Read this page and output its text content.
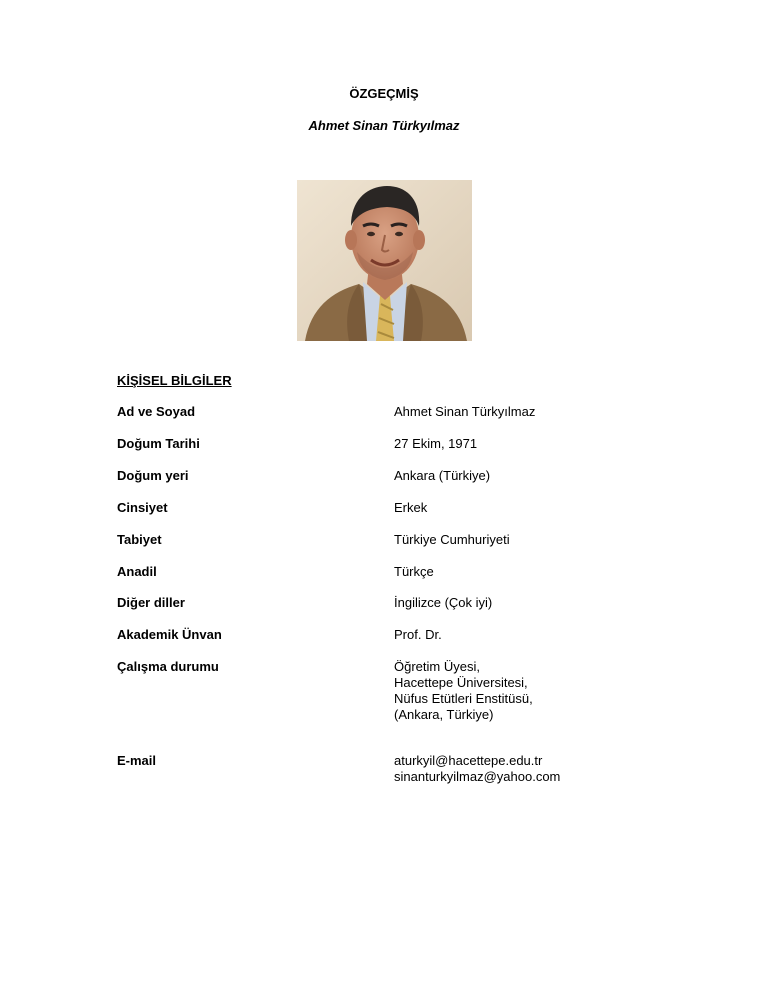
ÖZGEÇMİŞ
Ahmet Sinan Türkyılmaz
KİŞİSEL BİLGİLER
Ad ve Soyad	Ahmet Sinan Türkyılmaz
Doğum Tarihi	27 Ekim, 1971
Doğum yeri	Ankara (Türkiye)
Cinsiyet	Erkek
Tabiyet	Türkiye Cumhuriyeti
Anadil	Türkçe
Diğer diller	İngilizce (Çok iyi)
Akademik Ünvan	Prof. Dr.
Çalışma durumu	Öğretim Üyesi,
Hacettepe Üniversitesi,
Nüfus Etütleri Enstitüsü,
(Ankara, Türkiye)
E-mail	aturkyil@hacettepe.edu.tr
sinanturkyilmaz@yahoo.com
